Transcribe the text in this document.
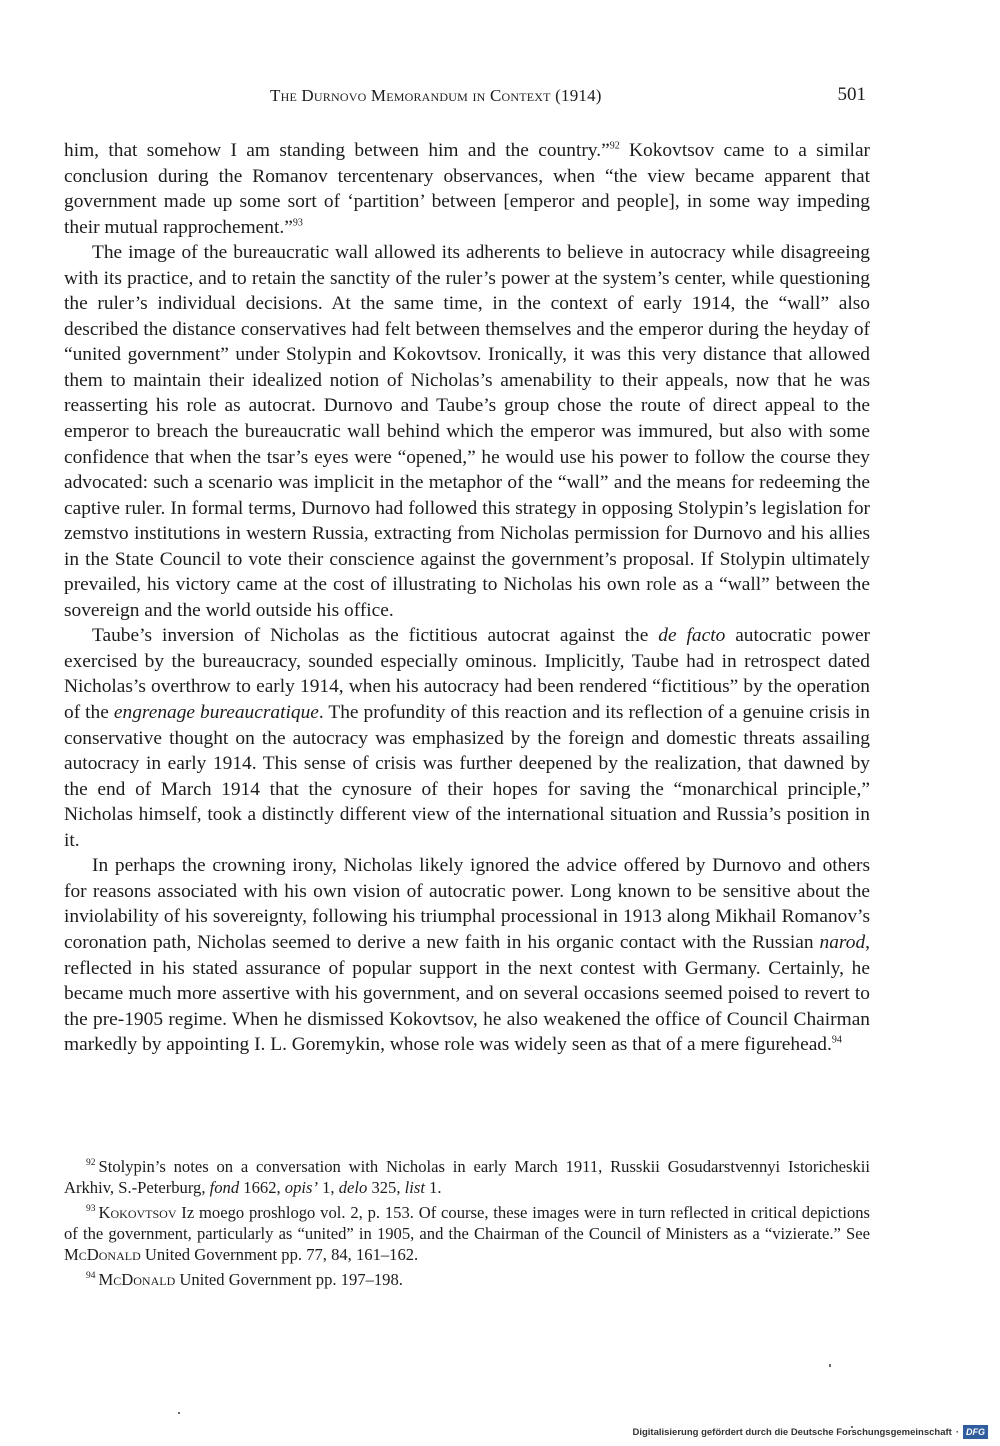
The Durnovo Memorandum in Context (1914)	501

him, that somehow I am standing between him and the country.”$^{92}$ Kokovtsov came to a similar conclusion during the Romanov tercentenary observances, when “the view became apparent that government made up some sort of ‘partition’ between [emperor and people], in some way impeding their mutual rapprochement.”$^{93}$

The image of the bureaucratic wall allowed its adherents to believe in autocracy while disagreeing with its practice, and to retain the sanctity of the ruler’s power at the system’s center, while questioning the ruler’s individual decisions. At the same time, in the context of early 1914, the “wall” also described the distance conservatives had felt between themselves and the emperor during the heyday of “united government” under Stolypin and Kokovtsov. Ironically, it was this very distance that allowed them to maintain their idealized notion of Nicholas’s amenability to their appeals, now that he was reasserting his role as autocrat. Durnovo and Taube’s group chose the route of direct appeal to the emperor to breach the bureaucratic wall behind which the emperor was immured, but also with some confidence that when the tsar’s eyes were “opened,” he would use his power to follow the course they advocated: such a scenario was implicit in the metaphor of the “wall” and the means for redeeming the captive ruler. In formal terms, Durnovo had followed this strategy in opposing Stolypin’s legislation for zemstvo institutions in western Russia, extracting from Nicholas permission for Durnovo and his allies in the State Council to vote their conscience against the government’s proposal. If Stolypin ultimately prevailed, his victory came at the cost of illustrating to Nicholas his own role as a “wall” between the sovereign and the world outside his office.

Taube’s inversion of Nicholas as the fictitious autocrat against the de facto autocratic power exercised by the bureaucracy, sounded especially ominous. Implicitly, Taube had in retrospect dated Nicholas’s overthrow to early 1914, when his autocracy had been rendered “fictitious” by the operation of the engrenage bureaucratique. The profundity of this reaction and its reflection of a genuine crisis in conservative thought on the autocracy was emphasized by the foreign and domestic threats assailing autocracy in early 1914. This sense of crisis was further deepened by the realization, that dawned by the end of March 1914 that the cynosure of their hopes for saving the “monarchical principle,” Nicholas himself, took a distinctly different view of the international situation and Russia’s position in it.

In perhaps the crowning irony, Nicholas likely ignored the advice offered by Durnovo and others for reasons associated with his own vision of autocratic power. Long known to be sensitive about the inviolability of his sovereignty, following his triumphal processional in 1913 along Mikhail Romanov’s coronation path, Nicholas seemed to derive a new faith in his organic contact with the Russian narod, reflected in his stated assurance of popular support in the next contest with Germany. Certainly, he became much more assertive with his government, and on several occasions seemed poised to revert to the pre-1905 regime. When he dismissed Kokovtsov, he also weakened the office of Council Chairman markedly by appointing I. L. Goremykin, whose role was widely seen as that of a mere figurehead.$^{94}$

$^{92}$ Stolypin’s notes on a conversation with Nicholas in early March 1911, Russkii Gosudarstvennyi Istoricheskii Arkhiv, S.-Peterburg, fond 1662, opis’ 1, delo 325, list 1.

$^{93}$ Kokovtsov Iz moego proshlogo vol. 2, p. 153. Of course, these images were in turn reflected in critical depictions of the government, particularly as “united” in 1905, and the Chairman of the Council of Ministers as a “vizierate.” See McDonald United Government pp. 77, 84, 161–162.

$^{94}$ McDonald United Government pp. 197–198.

Digitalisierung gefördert durch die Deutsche Forschungsgemeinschaft · DFG
